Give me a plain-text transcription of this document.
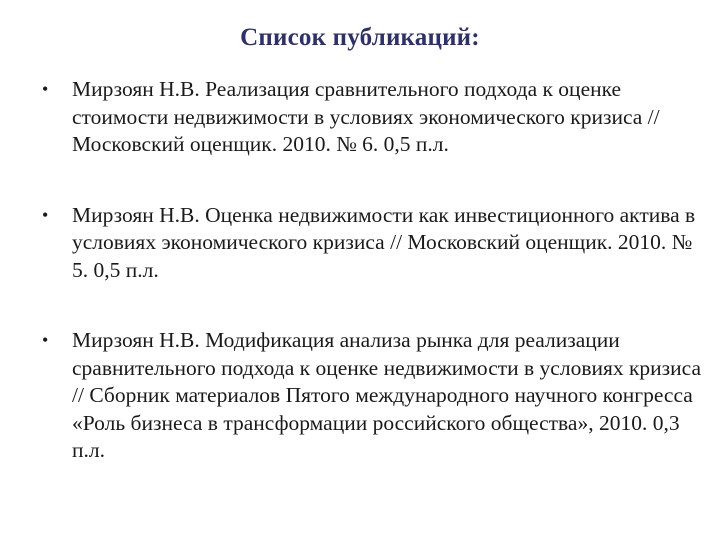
Список публикаций:
• Мирзоян Н.В. Реализация сравнительного подхода к оценке стоимости недвижимости в условиях экономического кризиса // Московский оценщик. 2010. № 6. 0,5 п.л.
• Мирзоян Н.В. Оценка недвижимости как инвестиционного актива в условиях экономического кризиса // Московский оценщик. 2010. № 5. 0,5 п.л.
• Мирзоян Н.В. Модификация анализа рынка для реализации сравнительного подхода к оценке недвижимости в условиях кризиса // Сборник материалов Пятого международного научного конгресса «Роль бизнеса в трансформации российского общества», 2010. 0,3 п.л.
